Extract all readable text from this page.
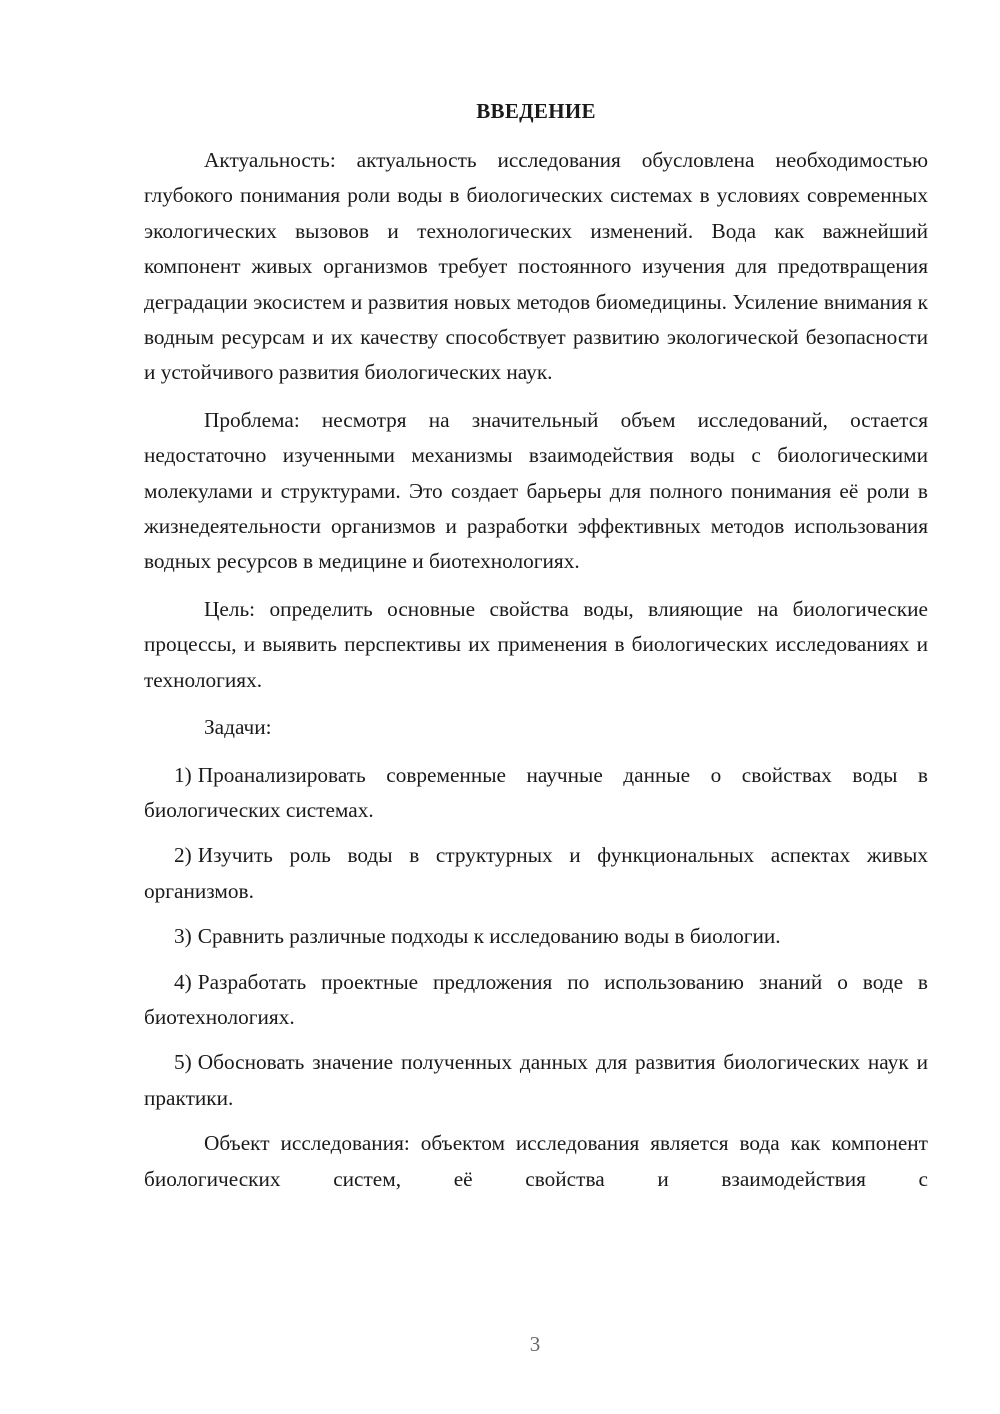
ВВЕДЕНИЕ

Актуальность: актуальность исследования обусловлена необходимостью глубокого понимания роли воды в биологических системах в условиях современных экологических вызовов и технологических изменений. Вода как важнейший компонент живых организмов требует постоянного изучения для предотвращения деградации экосистем и развития новых методов биомедицины. Усиление внимания к водным ресурсам и их качеству способствует развитию экологической безопасности и устойчивого развития биологических наук.

Проблема: несмотря на значительный объем исследований, остается недостаточно изученными механизмы взаимодействия воды с биологическими молекулами и структурами. Это создает барьеры для полного понимания её роли в жизнедеятельности организмов и разработки эффективных методов использования водных ресурсов в медицине и биотехнологиях.

Цель: определить основные свойства воды, влияющие на биологические процессы, и выявить перспективы их применения в биологических исследованиях и технологиях.

Задачи:

1) Проанализировать современные научные данные о свойствах воды в биологических системах.

2) Изучить роль воды в структурных и функциональных аспектах живых организмов.

3) Сравнить различные подходы к исследованию воды в биологии.

4) Разработать проектные предложения по использованию знаний о воде в биотехнологиях.

5) Обосновать значение полученных данных для развития биологических наук и практики.

Объект исследования: объектом исследования является вода как компонент биологических систем, её свойства и взаимодействия с

3
